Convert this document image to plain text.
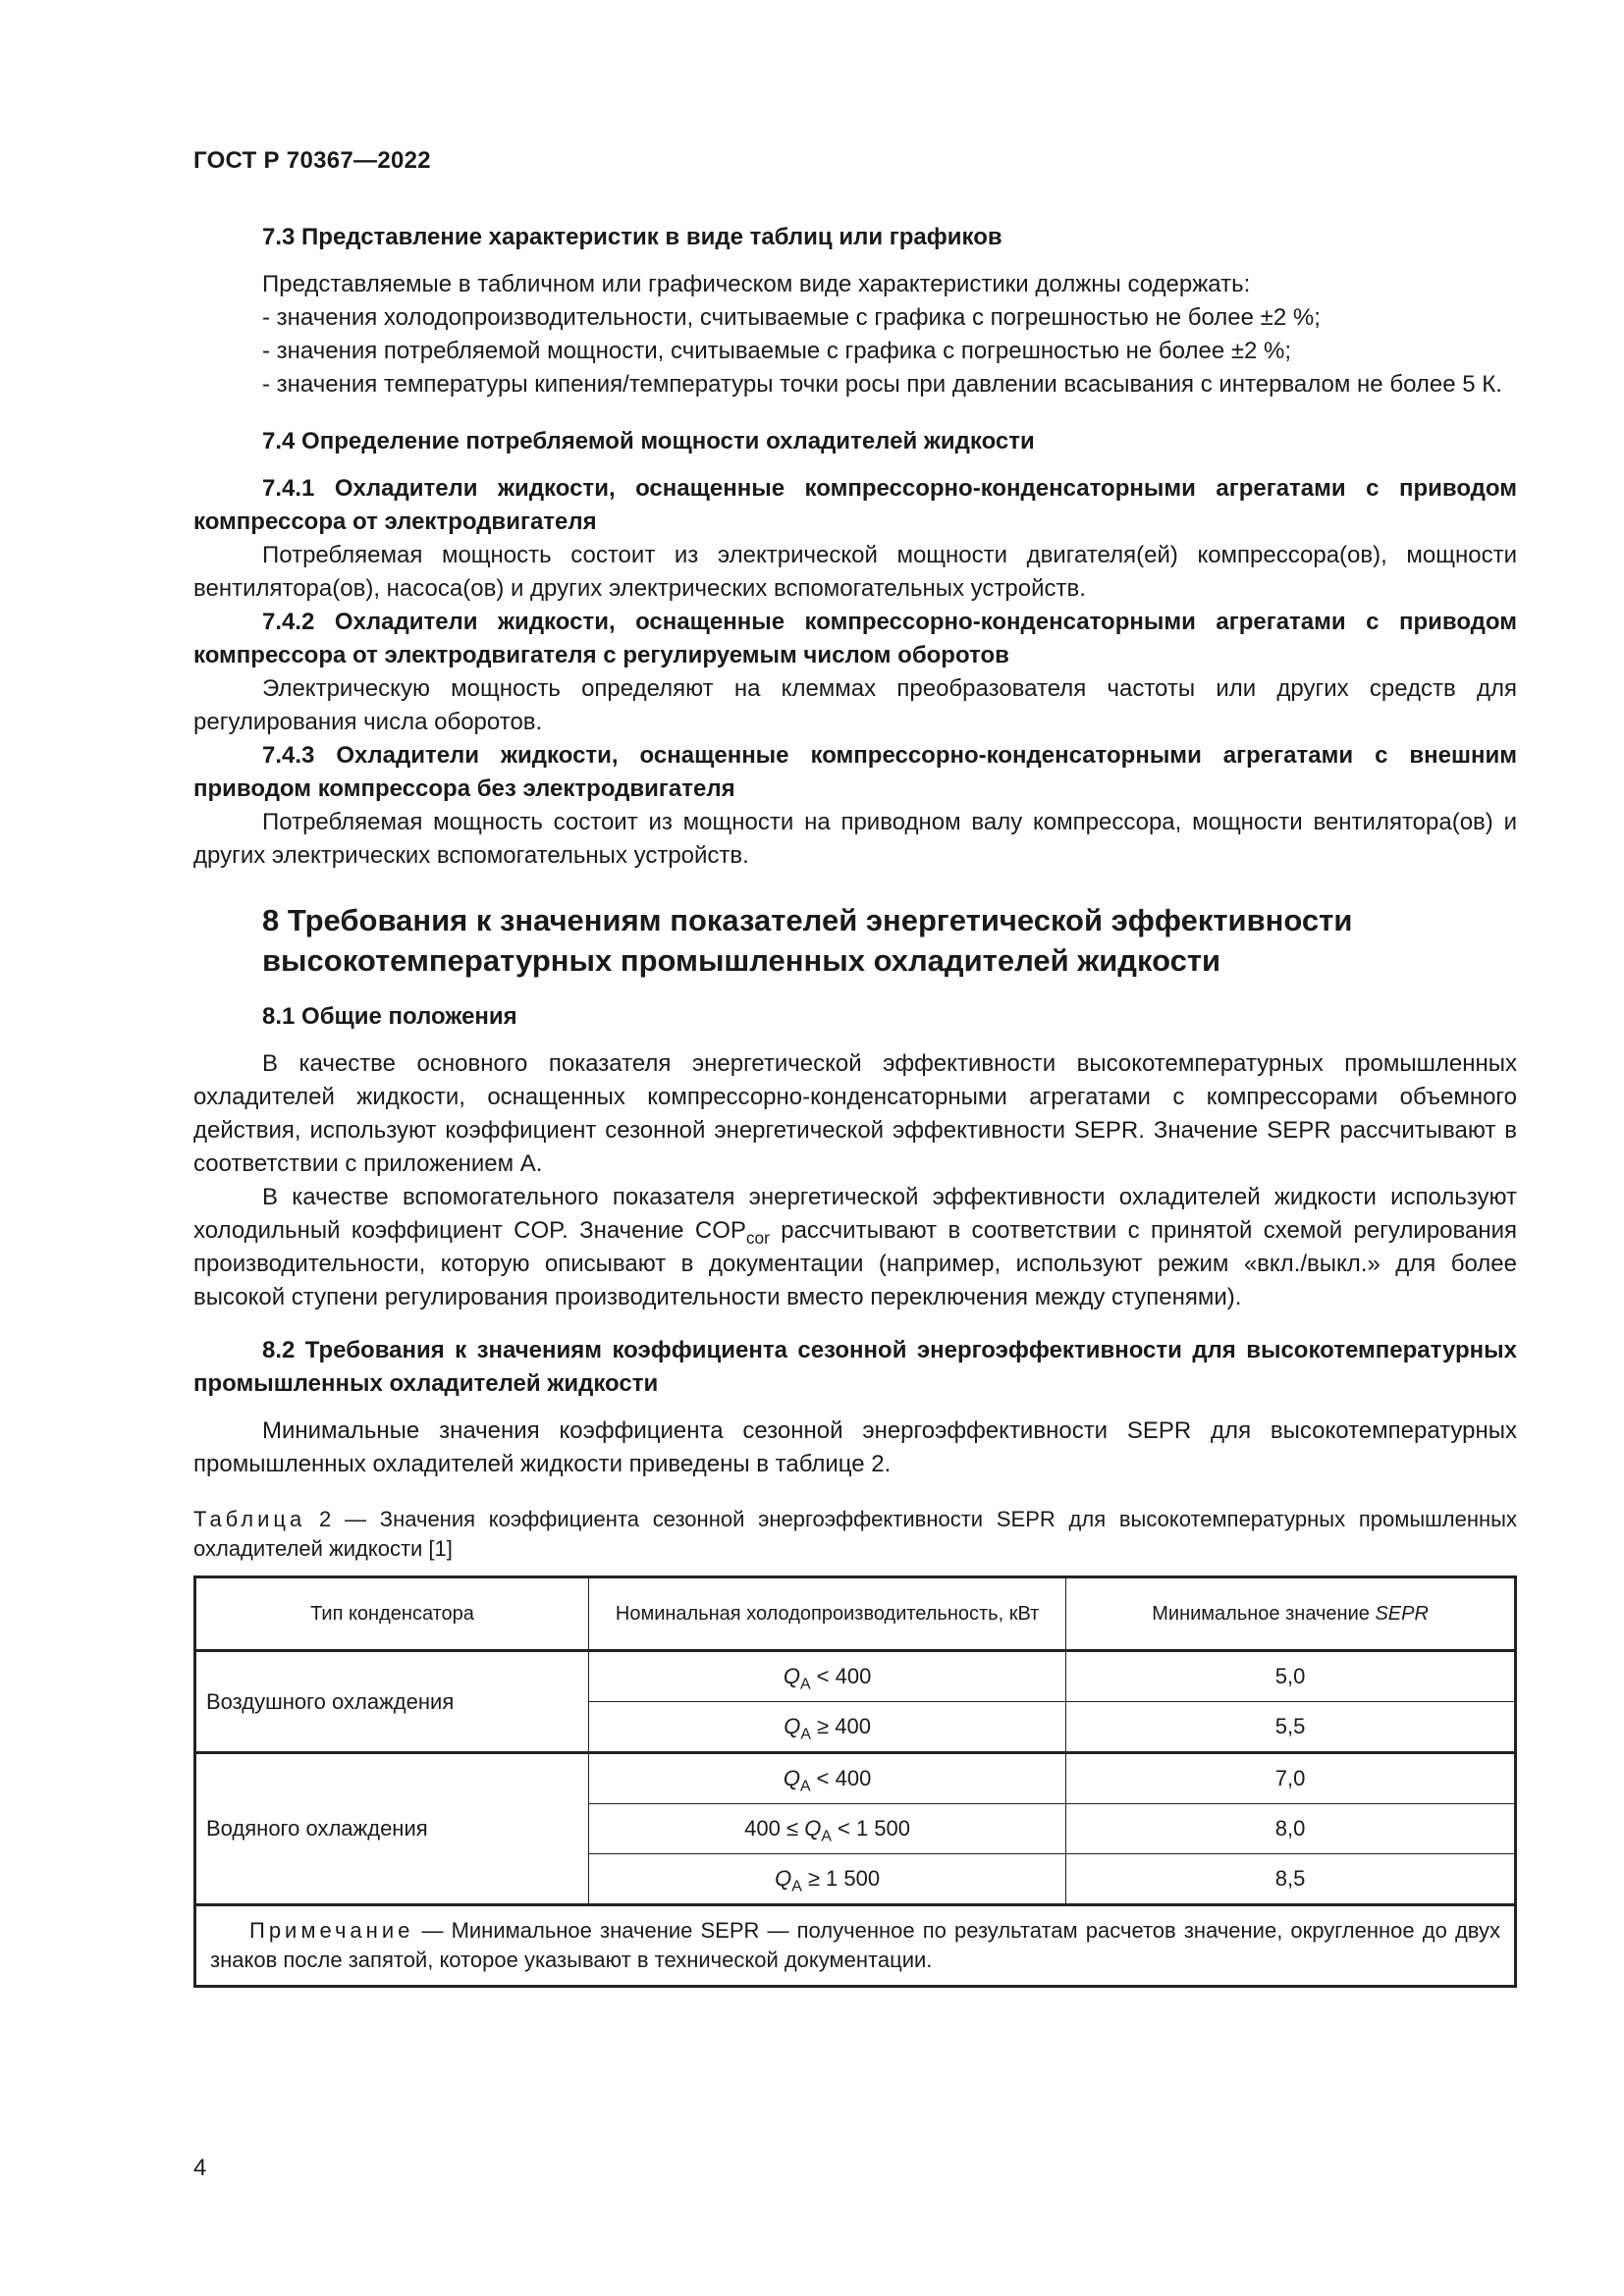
ГОСТ Р 70367—2022

7.3 Представление характеристик в виде таблиц или графиков

Представляемые в табличном или графическом виде характеристики должны содержать:

- значения холодопроизводительности, считываемые с графика с погрешностью не более ±2 %;

- значения потребляемой мощности, считываемые с графика с погрешностью не более ±2 %;

- значения температуры кипения/температуры точки росы при давлении всасывания с интервалом не более 5 К.

7.4 Определение потребляемой мощности охладителей жидкости

7.4.1 Охладители жидкости, оснащенные компрессорно-конденсаторными агрегатами с приводом компрессора от электродвигателя

Потребляемая мощность состоит из электрической мощности двигателя(ей) компрессора(ов), мощности вентилятора(ов), насоса(ов) и других электрических вспомогательных устройств.

7.4.2 Охладители жидкости, оснащенные компрессорно-конденсаторными агрегатами с приводом компрессора от электродвигателя с регулируемым числом оборотов

Электрическую мощность определяют на клеммах преобразователя частоты или других средств для регулирования числа оборотов.

7.4.3 Охладители жидкости, оснащенные компрессорно-конденсаторными агрегатами с внешним приводом компрессора без электродвигателя

Потребляемая мощность состоит из мощности на приводном валу компрессора, мощности вентилятора(ов) и других электрических вспомогательных устройств.

8 Требования к значениям показателей энергетической эффективности высокотемпературных промышленных охладителей жидкости

8.1 Общие положения

В качестве основного показателя энергетической эффективности высокотемпературных промышленных охладителей жидкости, оснащенных компрессорно-конденсаторными агрегатами с компрессорами объемного действия, используют коэффициент сезонной энергетической эффективности SEPR. Значение SEPR рассчитывают в соответствии с приложением А.

В качестве вспомогательного показателя энергетической эффективности охладителей жидкости используют холодильный коэффициент COP. Значение $COP_{cor}$ рассчитывают в соответствии с принятой схемой регулирования производительности, которую описывают в документации (например, используют режим «вкл./выкл.» для более высокой ступени регулирования производительности вместо переключения между ступенями).

8.2 Требования к значениям коэффициента сезонной энергоэффективности для высокотемпературных промышленных охладителей жидкости

Минимальные значения коэффициента сезонной энергоэффективности SEPR для высокотемпературных промышленных охладителей жидкости приведены в таблице 2.

Таблица 2 — Значения коэффициента сезонной энергоэффективности SEPR для высокотемпературных промышленных охладителей жидкости [1]

Тип конденсатора	Номинальная холодопроизводительность, кВт	Минимальное значение SEPR
Воздушного охлаждения	$Q_A < 400$	5,0
	$Q_A \ge 400$	5,5
Водяного охлаждения	$Q_A < 400$	7,0
	$400 \le Q_A < 1$ 500	8,0
	$Q_A \ge 1$ 500	8,5
Примечание — Минимальное значение SEPR — полученное по результатам расчетов значение, округленное до двух знаков после запятой, которое указывают в технической документации.		
4
